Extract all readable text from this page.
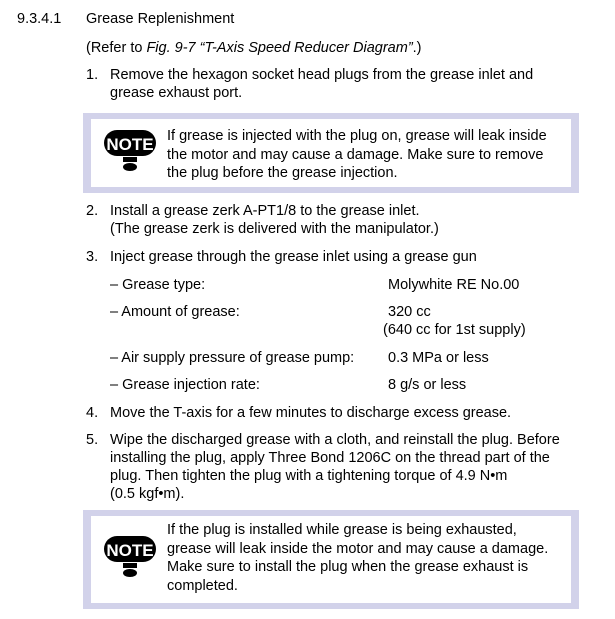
9.3.4.1 Grease Replenishment
(Refer to Fig. 9-7 “T-Axis Speed Reducer Diagram”.)
1. Remove the hexagon socket head plugs from the grease inlet and
grease exhaust port.
NOTE If grease is injected with the plug on, grease will leak inside
the motor and may cause a damage. Make sure to remove
the plug before the grease injection.
2. Install a grease zerk A-PT1/8 to the grease inlet.
(The grease zerk is delivered with the manipulator.)
3. Inject grease through the grease inlet using a grease gun
– Grease type:	Molywhite RE No.00
– Amount of grease:	320 cc
(640 cc for 1st supply)
– Air supply pressure of grease pump: 0.3 MPa or less
– Grease injection rate:	8 g/s or less
4. Move the T-axis for a few minutes to discharge excess grease.
5. Wipe the discharged grease with a cloth, and reinstall the plug. Before
installing the plug, apply Three Bond 1206C on the thread part of the
plug. Then tighten the plug with a tightening torque of 4.9 N•m
(0.5 kgf•m).
NOTE
If the plug is installed while grease is being exhausted,
grease will leak inside the motor and may cause a damage.
Make sure to install the plug when the grease exhaust is
completed.
